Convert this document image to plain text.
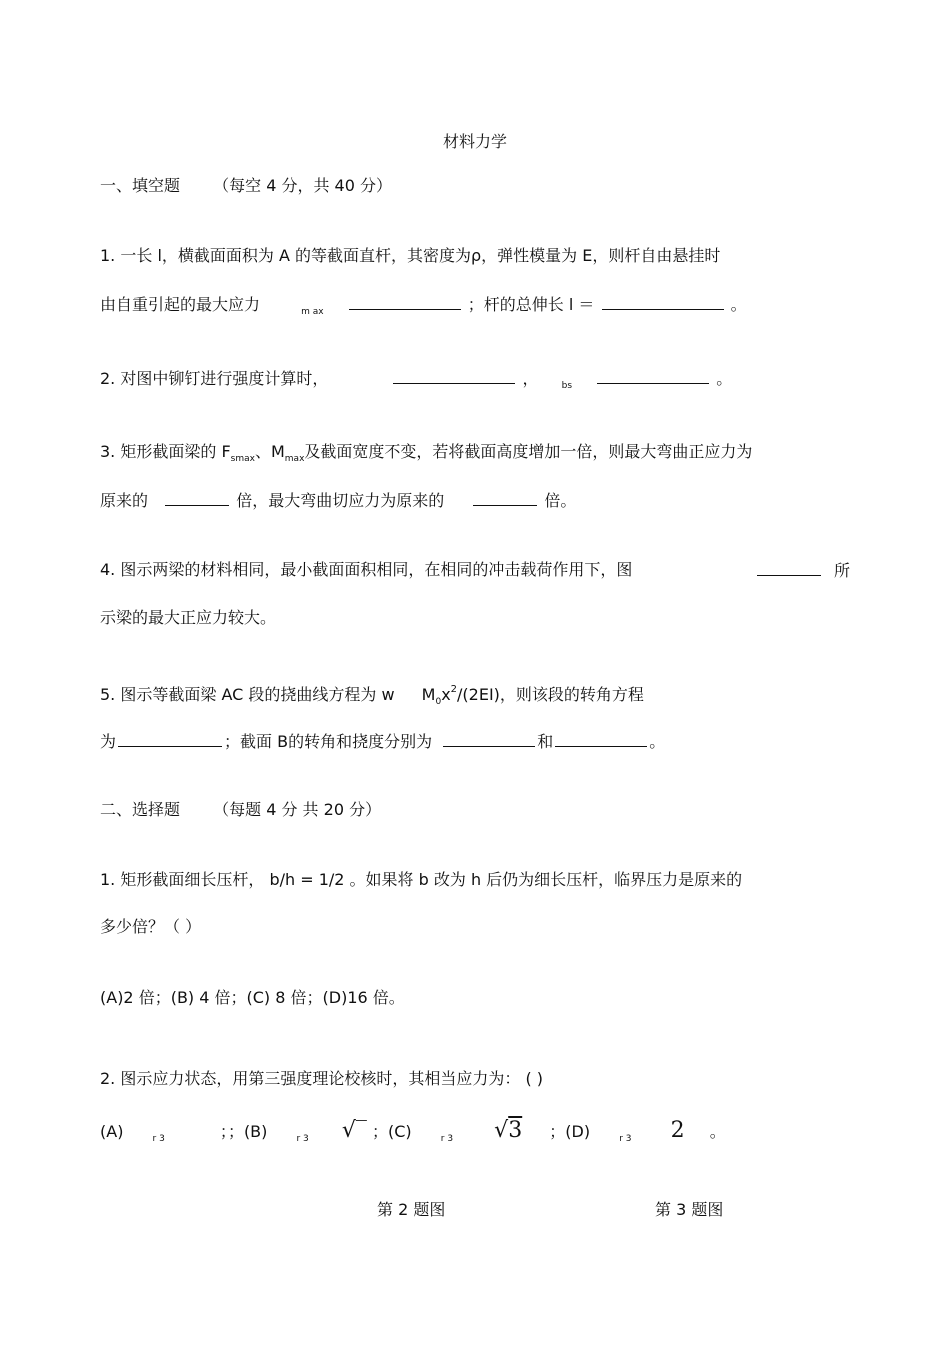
材料力学
一、填空题 （每空 4 分，共 40 分）
1. 一长 l，横截面面积为 A 的等截面直杆，其密度为ρ，弹性模量为 E，则杆自由悬挂时
由自重引起的最大应力	$_{m ax}$	；杆的总伸长 l ＝	。
2. 对图中铆钉进行强度计算时，	，	$_{bs}$	。
3. 矩形截面梁的 $F_{smax}$、$M_{max}$及截面宽度不变，若将截面高度增加一倍，则最大弯曲正应力为
原来的	倍，最大弯曲切应力为原来的	倍。
4. 图示两梁的材料相同，最小截面面积相同，在相同的冲击载荷作用下，图	所
示梁的最大正应力较大。
5. 图示等截面梁 AC 段的挠曲线方程为 w $M_0x^2/(2EI)$，则该段的转角方程
为	；截面 B的转角和挠度分别为	和	。
二、选择题 （每题 4 分 共 20 分）
1. 矩形截面细长压杆， b/h = 1/2 。如果将 b 改为 h 后仍为细长压杆，临界压力是原来的
多少倍？（ ）
(A)2 倍；(B) 4 倍；(C) 8 倍；(D)16 倍。
2. 图示应力状态，用第三强度理论校核时，其相当应力为： ( )
(A)	$_{r 3}$	；；(B)	$_{r 3}$ √‾ ；(C)	$_{r 3}$ √3 ；(D)	$_{r 3}$ 2 。
第 2 题图	第 3 题图
